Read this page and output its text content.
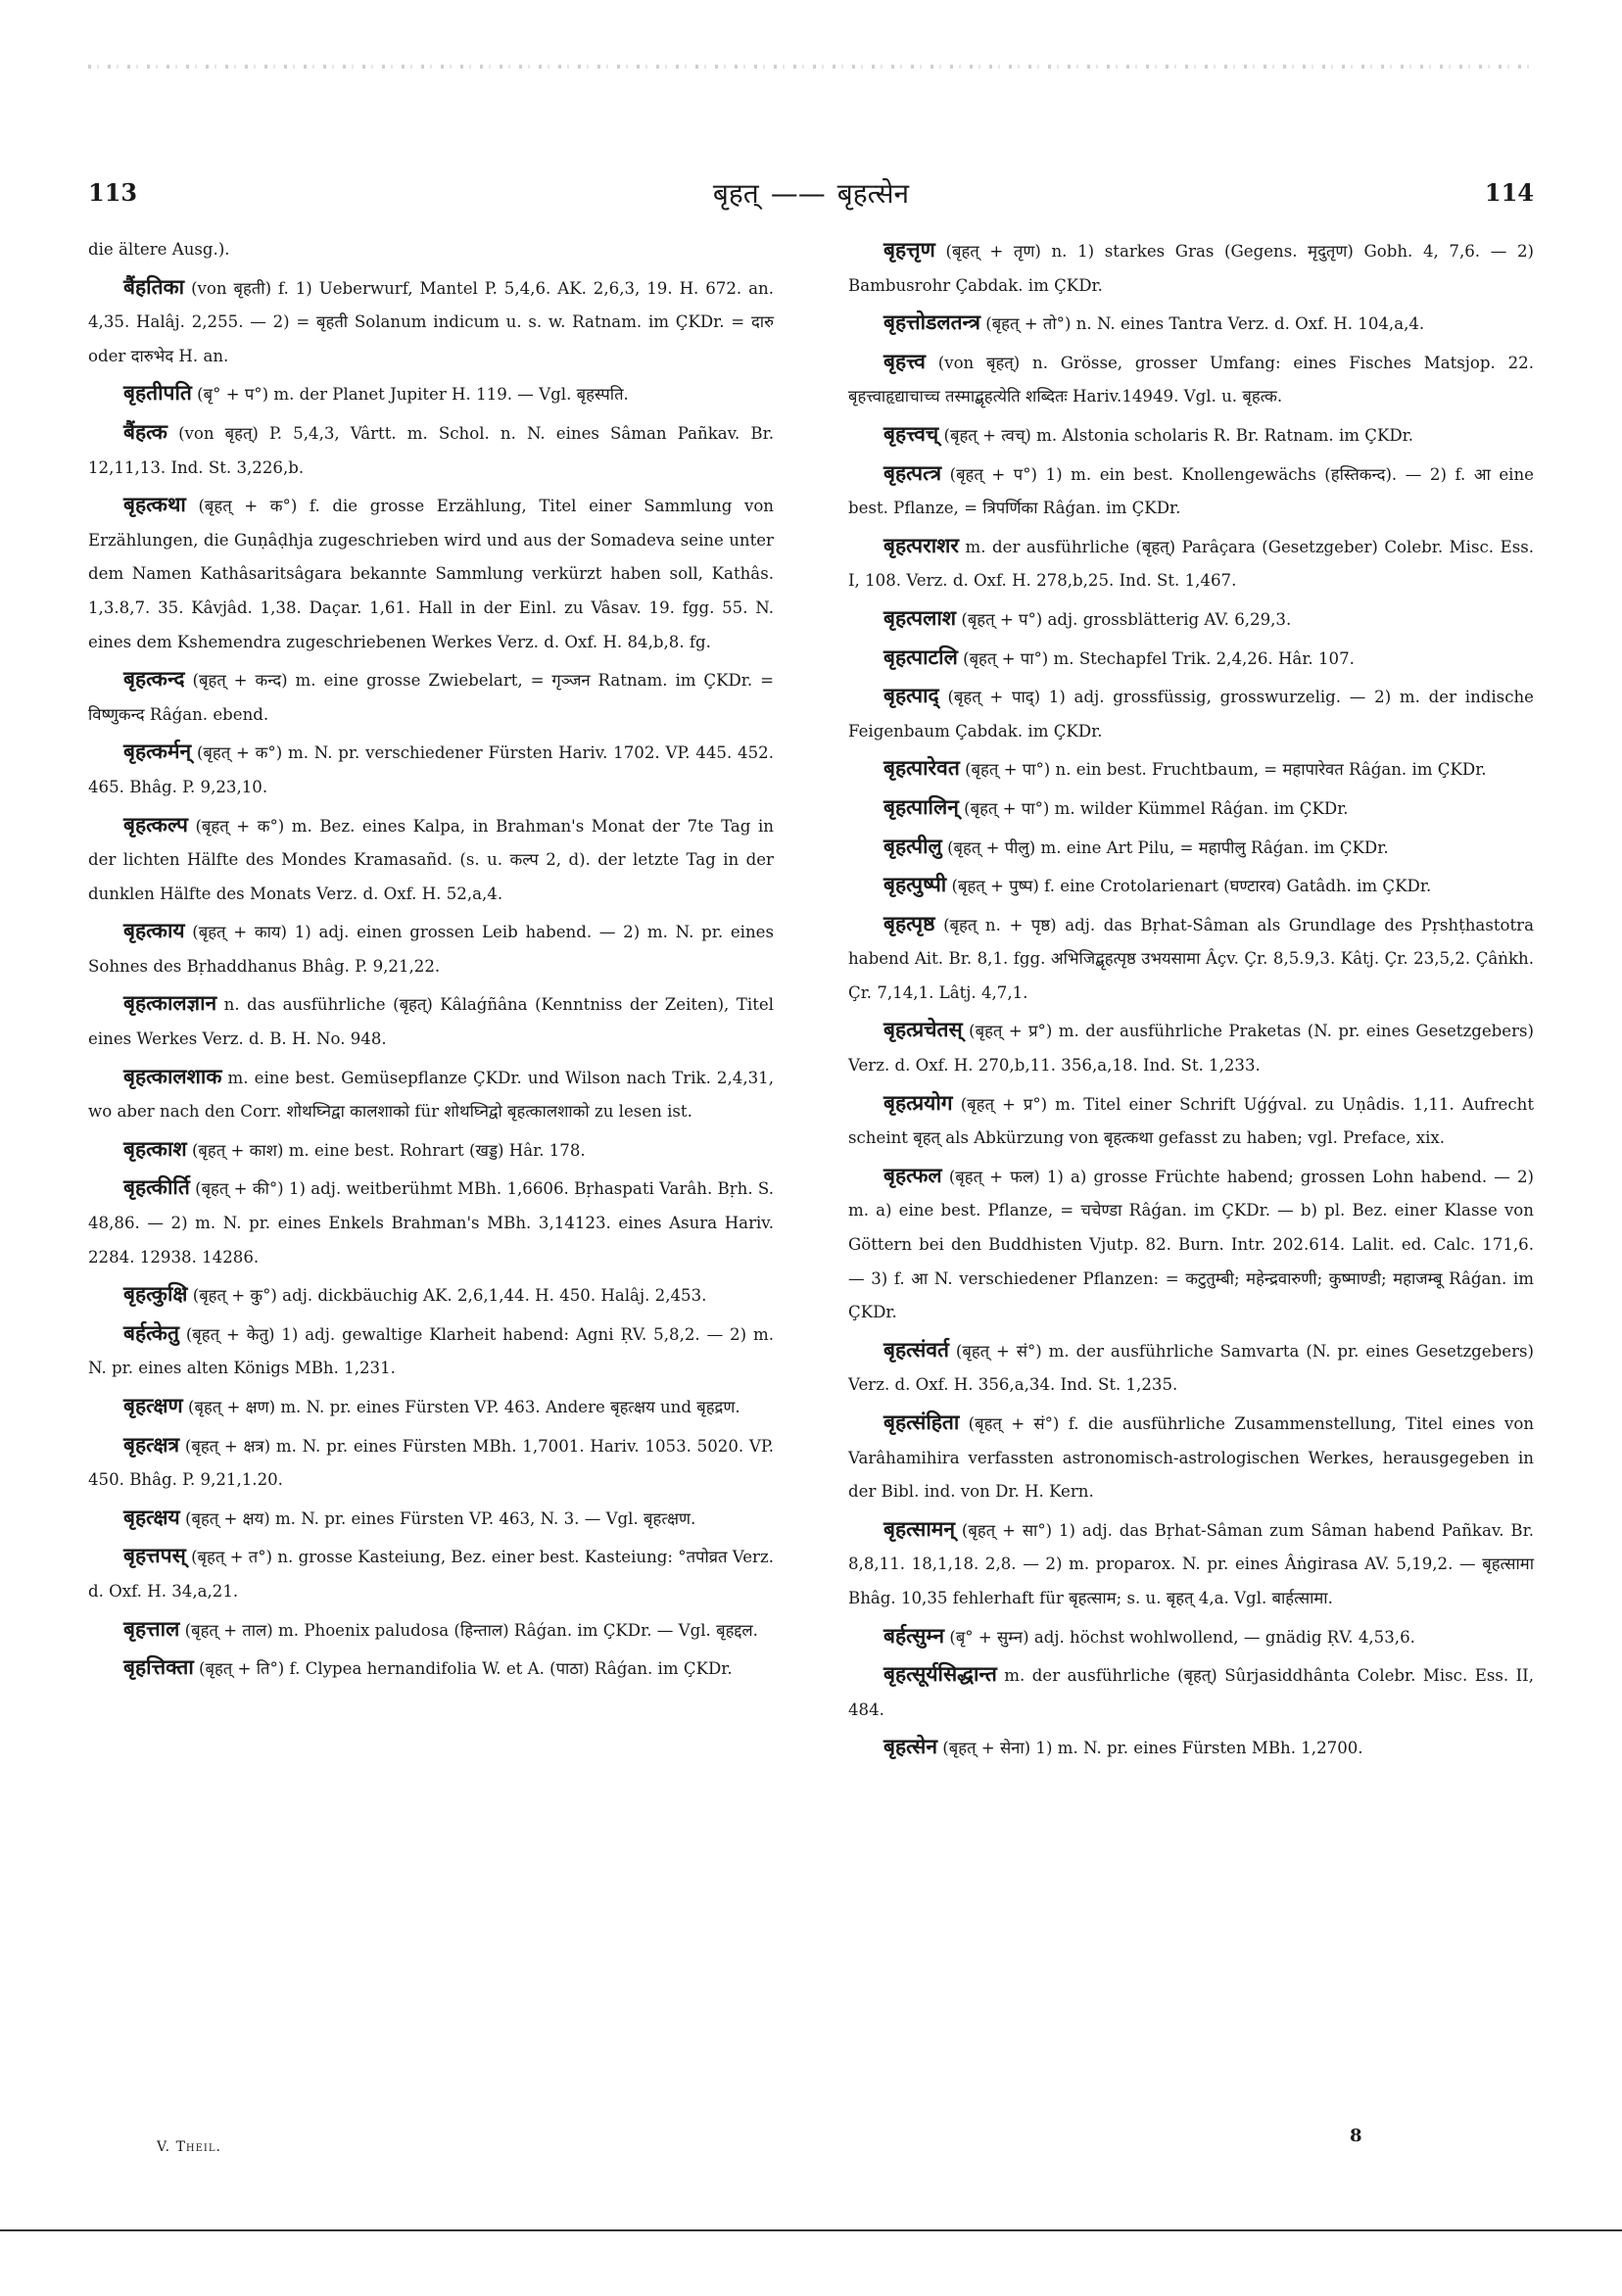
113	बृहत् —— बृहत्सेन	114

die ältere Ausg.).

बैंहतिका (von बृहती) f. 1) Ueberwurf, Mantel P. 5,4,6. AK. 2,6,3, 19. H. 672. an. 4,35. Halâj. 2,255. — 2) = बृहती Solanum indicum u. s. w. Ratnam. im ÇKDr. = दारु oder दारुभेद H. an.

बृहतीपति (बृ° + प°) m. der Planet Jupiter H. 119. — Vgl. बृहस्पति.

बैंहत्क (von बृहत्) P. 5,4,3, Vârtt. m. Schol. n. N. eines Sâman Pañkav. Br. 12,11,13. Ind. St. 3,226,b.

बृहत्कथा (बृहत् + क°) f. die grosse Erzählung, Titel einer Sammlung von Erzählungen, die Guṇâḍhja zugeschrieben wird und aus der Somadeva seine unter dem Namen Kathâsaritsâgara bekannte Sammlung verkürzt haben soll, Kathâs. 1,3.8,7. 35. Kâvjâd. 1,38. Daçar. 1,61. Hall in der Einl. zu Vâsav. 19. fgg. 55. N. eines dem Kshemendra zugeschriebenen Werkes Verz. d. Oxf. H. 84,b,8. fg.

बृहत्कन्द (बृहत् + कन्द) m. eine grosse Zwiebelart, = गृञ्जन Ratnam. im ÇKDr. = विष्णुकन्द Râǵan. ebend.

बृहत्कर्मन् (बृहत् + क°) m. N. pr. verschiedener Fürsten Hariv. 1702. VP. 445. 452. 465. Bhâg. P. 9,23,10.

बृहत्कल्प (बृहत् + क°) m. Bez. eines Kalpa, in Brahman's Monat der 7te Tag in der lichten Hälfte des Mondes Kramasañd. (s. u. कल्प 2, d). der letzte Tag in der dunklen Hälfte des Monats Verz. d. Oxf. H. 52,a,4.

बृहत्काय (बृहत् + काय) 1) adj. einen grossen Leib habend. — 2) m. N. pr. eines Sohnes des Bṛhaddhanus Bhâg. P. 9,21,22.

बृहत्कालज्ञान n. das ausführliche (बृहत्) Kâlaǵñâna (Kenntniss der Zeiten), Titel eines Werkes Verz. d. B. H. No. 948.

बृहत्कालशाक m. eine best. Gemüsepflanze ÇKDr. und Wilson nach Trik. 2,4,31, wo aber nach den Corr. शोथघ्निद्वा कालशाको für शोथघ्निद्वो बृहत्कालशाको zu lesen ist.

बृहत्काश (बृहत् + काश) m. eine best. Rohrart (खड्ड) Hâr. 178.

बृहत्कीर्ति (बृहत् + की°) 1) adj. weitberühmt MBh. 1,6606. Bṛhaspati Varâh. Bṛh. S. 48,86. — 2) m. N. pr. eines Enkels Brahman's MBh. 3,14123. eines Asura Hariv. 2284. 12938. 14286.

बृहत्कुक्षि (बृहत् + कु°) adj. dickbäuchig AK. 2,6,1,44. H. 450. Halâj. 2,453.

बर्हत्केतु (बृहत् + केतु) 1) adj. gewaltige Klarheit habend: Agni ṚV. 5,8,2. — 2) m. N. pr. eines alten Königs MBh. 1,231.

बृहत्क्षण (बृहत् + क्षण) m. N. pr. eines Fürsten VP. 463. Andere बृहत्क्षय und बृहद्रण.

बृहत्क्षत्र (बृहत् + क्षत्र) m. N. pr. eines Fürsten MBh. 1,7001. Hariv. 1053. 5020. VP. 450. Bhâg. P. 9,21,1.20.

बृहत्क्षय (बृहत् + क्षय) m. N. pr. eines Fürsten VP. 463, N. 3. — Vgl. बृहत्क्षण.

बृहत्तपस् (बृहत् + त°) n. grosse Kasteiung, Bez. einer best. Kasteiung: °तपोव्रत Verz. d. Oxf. H. 34,a,21.

बृहत्ताल (बृहत् + ताल) m. Phoenix paludosa (हिन्ताल) Râǵan. im ÇKDr. — Vgl. बृहद्दल.

बृहत्तिक्ता (बृहत् + ति°) f. Clypea hernandifolia W. et A. (पाठा) Râǵan. im ÇKDr.

बृहत्तृण (बृहत् + तृण) n. 1) starkes Gras (Gegens. मृदुतृण) Gobh. 4, 7,6. — 2) Bambusrohr Çabdak. im ÇKDr.

बृहत्तोडलतन्त्र (बृहत् + तो°) n. N. eines Tantra Verz. d. Oxf. H. 104,a,4.

बृहत्त्व (von बृहत्) n. Grösse, grosser Umfang: eines Fisches Matsjop. 22. बृहत्त्वाहृद्याचाच्च तस्माद्बृहत्येति शब्दितः Hariv.14949. Vgl. u. बृहत्क.

बृहत्त्वच् (बृहत् + त्वच्) m. Alstonia scholaris R. Br. Ratnam. im ÇKDr.

बृहत्पत्त्र (बृहत् + प°) 1) m. ein best. Knollengewächs (हस्तिकन्द). — 2) f. आ eine best. Pflanze, = त्रिपर्णिका Râǵan. im ÇKDr.

बृहत्पराशर m. der ausführliche (बृहत्) Parâçara (Gesetzgeber) Colebr. Misc. Ess. I, 108. Verz. d. Oxf. H. 278,b,25. Ind. St. 1,467.

बृहत्पलाश (बृहत् + प°) adj. grossblätterig AV. 6,29,3.

बृहत्पाटलि (बृहत् + पा°) m. Stechapfel Trik. 2,4,26. Hâr. 107.

बृहत्पाद् (बृहत् + पाद्) 1) adj. grossfüssig, grosswurzelig. — 2) m. der indische Feigenbaum Çabdak. im ÇKDr.

बृहत्पारेवत (बृहत् + पा°) n. ein best. Fruchtbaum, = महापारेवत Râǵan. im ÇKDr.

बृहत्पालिन् (बृहत् + पा°) m. wilder Kümmel Râǵan. im ÇKDr.

बृहत्पीलु (बृहत् + पीलु) m. eine Art Pilu, = महापीलु Râǵan. im ÇKDr.

बृहत्पुष्पी (बृहत् + पुष्प) f. eine Crotolarienart (घण्टारव) Gatâdh. im ÇKDr.

बृहत्पृष्ठ (बृहत् n. + पृष्ठ) adj. das Bṛhat-Sâman als Grundlage des Pṛshṭhastotra habend Ait. Br. 8,1. fgg. अभिजिद्बृहत्पृष्ठ उभयसामा Âçv. Çr. 8,5.9,3. Kâtj. Çr. 23,5,2. Çâṅkh. Çr. 7,14,1. Lâtj. 4,7,1.

बृहत्प्रचेतस् (बृहत् + प्र°) m. der ausführliche Praketas (N. pr. eines Gesetzgebers) Verz. d. Oxf. H. 270,b,11. 356,a,18. Ind. St. 1,233.

बृहत्प्रयोग (बृहत् + प्र°) m. Titel einer Schrift Uǵǵval. zu Uṇâdis. 1,11. Aufrecht scheint बृहत् als Abkürzung von बृहत्कथा gefasst zu haben; vgl. Preface, xix.

बृहत्फल (बृहत् + फल) 1) a) grosse Früchte habend; grossen Lohn habend. — 2) m. a) eine best. Pflanze, = चचेण्डा Râǵan. im ÇKDr. — b) pl. Bez. einer Klasse von Göttern bei den Buddhisten Vjutp. 82. Burn. Intr. 202.614. Lalit. ed. Calc. 171,6. — 3) f. आ N. verschiedener Pflanzen: = कटुतुम्बी; महेन्द्रवारुणी; कुष्माण्डी; महाजम्बू Râǵan. im ÇKDr.

बृहत्संवर्त (बृहत् + सं°) m. der ausführliche Samvarta (N. pr. eines Gesetzgebers) Verz. d. Oxf. H. 356,a,34. Ind. St. 1,235.

बृहत्संहिता (बृहत् + सं°) f. die ausführliche Zusammenstellung, Titel eines von Varâhamihira verfassten astronomisch-astrologischen Werkes, herausgegeben in der Bibl. ind. von Dr. H. Kern.

बृहत्सामन् (बृहत् + सा°) 1) adj. das Bṛhat-Sâman zum Sâman habend Pañkav. Br. 8,8,11. 18,1,18. 2,8. — 2) m. proparox. N. pr. eines Âṅgirasa AV. 5,19,2. — बृहत्सामा Bhâg. 10,35 fehlerhaft für बृहत्साम; s. u. बृहत् 4,a. Vgl. बार्हत्सामा.

बर्हत्सुम्न (बृ° + सुम्न) adj. höchst wohlwollend, — gnädig ṚV. 4,53,6.

बृहत्सूर्यसिद्धान्त m. der ausführliche (बृहत्) Sûrjasiddhânta Colebr. Misc. Ess. II, 484.

बृहत्सेन (बृहत् + सेना) 1) m. N. pr. eines Fürsten MBh. 1,2700.

V. Theil.
8
